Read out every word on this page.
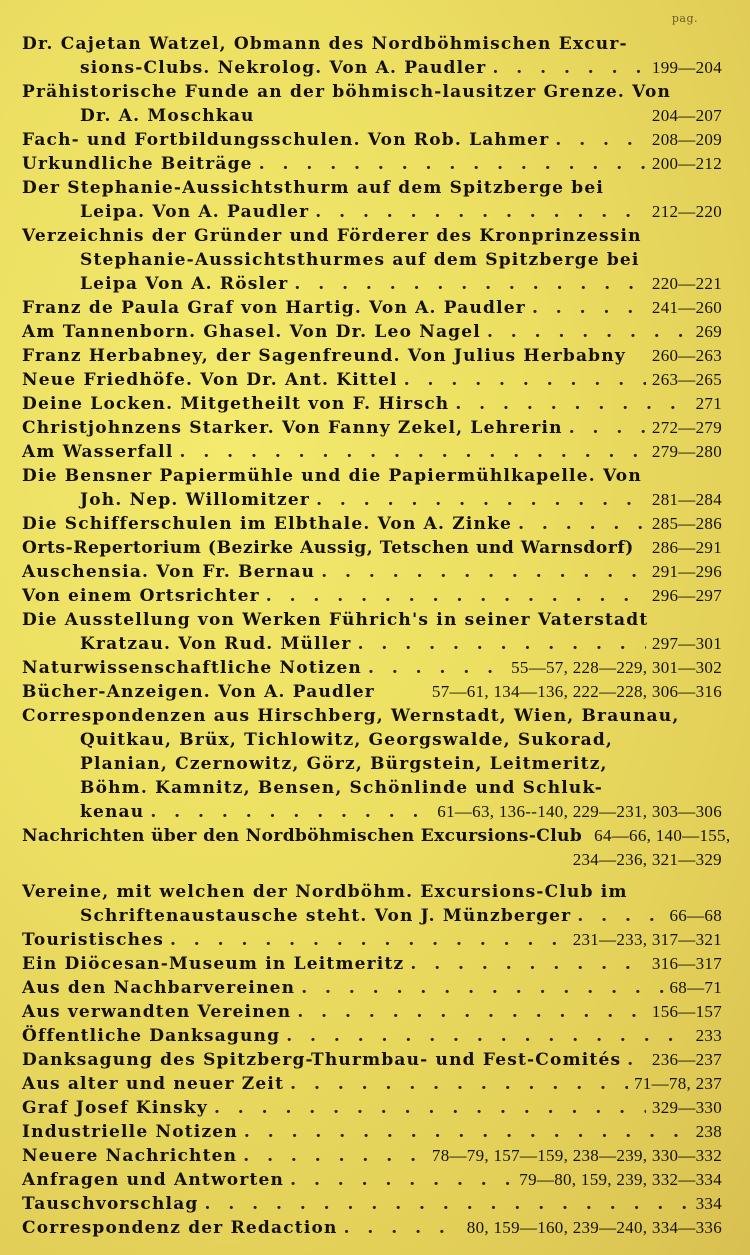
pag.
Dr. Cajetan Watzel, Obmann des Nordböhmischen Excur-
sions-Clubs. Nekrolog. Von A. Paudler . . .	199—204
Prähistorische Funde an der böhmisch-lausitzer Grenze. Von
Dr. A. Moschkau	204—207
Fach- und Fortbildungsschulen. Von Rob. Lahmer . . .	208—209
Urkundliche Beiträge . . .	200—212
Der Stephanie-Aussichtsthurm auf dem Spitzberge bei
Leipa. Von A. Paudler . . .	212—220
Verzeichnis der Gründer und Förderer des Kronprinzessin
Stephanie-Aussichtsthurmes auf dem Spitzberge bei
Leipa Von A. Rösler . . .	220—221
Franz de Paula Graf von Hartig. Von A. Paudler . . .	241—260
Am Tannenborn. Ghasel. Von Dr. Leo Nagel . . .	269
Franz Herbabney, der Sagenfreund. Von Julius Herbabny 260—263
Neue Friedhöfe. Von Dr. Ant. Kittel . . .	263—265
Deine Locken. Mitgetheilt von F. Hirsch . . .	271
Christjohnzens Starker. Von Fanny Zekel, Lehrerin . . .	272—279
Am Wasserfall . . .	279—280
Die Bensner Papiermühle und die Papiermühlkapelle. Von
Joh. Nep. Willomitzer . . .	281—284
Die Schifferschulen im Elbthale. Von A. Zinke . . .	285—286
Orts-Repertorium (Bezirke Aussig, Tetschen und Warnsdorf) 286—291
Auschensia. Von Fr. Bernau . . .	291—296
Von einem Ortsrichter . . .	296—297
Die Ausstellung von Werken Führich's in seiner Vaterstadt
Kratzau. Von Rud. Müller . . .	297—301
Naturwissenschaftliche Notizen . . .	55—57, 228—229, 301—302
Bücher-Anzeigen. Von A. Paudler	57—61, 134—136, 222—228, 306—316
Correspondenzen aus Hirschberg, Wernstadt, Wien, Braunau,
Quitkau, Brüx, Tichlowitz, Georgswalde, Sukorad,
Planian, Czernowitz, Görz, Bürgstein, Leitmeritz,
Böhm. Kamnitz, Bensen, Schönlinde und Schluk-
kenau . . .	61—63, 136--140, 229—231, 303—306
Nachrichten über den Nordböhmischen Excursions-Club 64—66, 140—155,
234—236, 321—329
Vereine, mit welchen der Nordböhm. Excursions-Club im
Schriftenaustausche steht. Von J. Münzberger . . .	66—68
Touristisches . . .	231—233, 317—321
Ein Diöcesan-Museum in Leitmeritz . . .	316—317
Aus den Nachbarvereinen . . .	68—71
Aus verwandten Vereinen . . .	156—157
Öffentliche Danksagung . . .	233
Danksagung des Spitzberg-Thurmbau- und Fest-Comités . . . 236—237
Aus alter und neuer Zeit . . .	71—78, 237
Graf Josef Kinsky . . .	329—330
Industrielle Notizen . . .	238
Neuere Nachrichten . . .	78—79, 157—159, 238—239, 330—332
Anfragen und Antworten . . .	79—80, 159, 239, 332—334
Tauschvorschlag . . .	334
Correspondenz der Redaction . . .	80, 159—160, 239—240, 334—336
